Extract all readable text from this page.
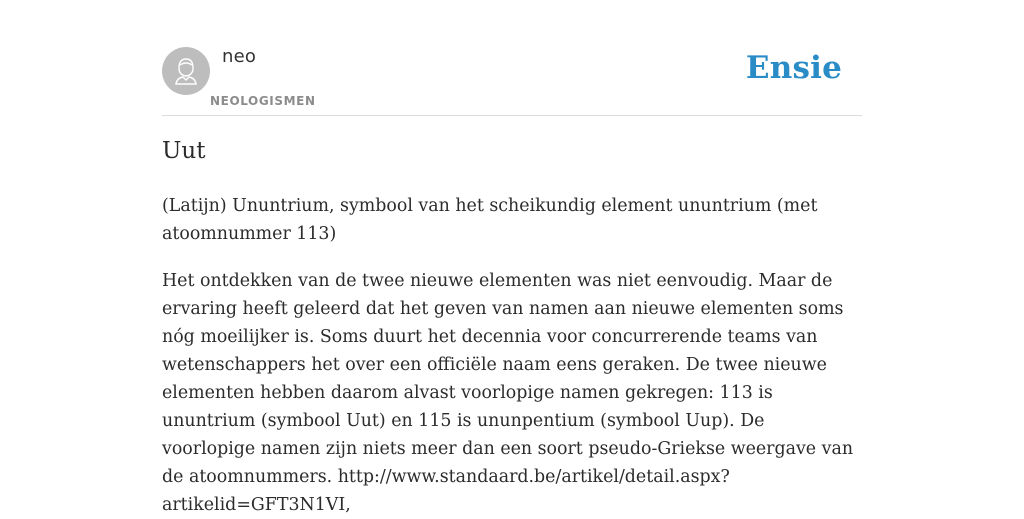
neo
NEOLOGISMEN
Ensie
Uut

(Latijn) Ununtrium, symbool van het scheikundig element ununtrium (met atoomnummer 113)

Het ontdekken van de twee nieuwe elementen was niet eenvoudig. Maar de ervaring heeft geleerd dat het geven van namen aan nieuwe elementen soms nóg moeilijker is. Soms duurt het decennia voor concurrerende teams van wetenschappers het over een officiële naam eens geraken. De twee nieuwe elementen hebben daarom alvast voorlopige namen gekregen: 113 is ununtrium (symbool Uut) en 115 is ununpentium (symbool Uup). De voorlopige namen zijn niets meer dan een soort pseudo-Griekse weergave van de atoomnummers. http://www.standaard.be/artikel/detail.aspx?artikelid=GFT3N1VI,
